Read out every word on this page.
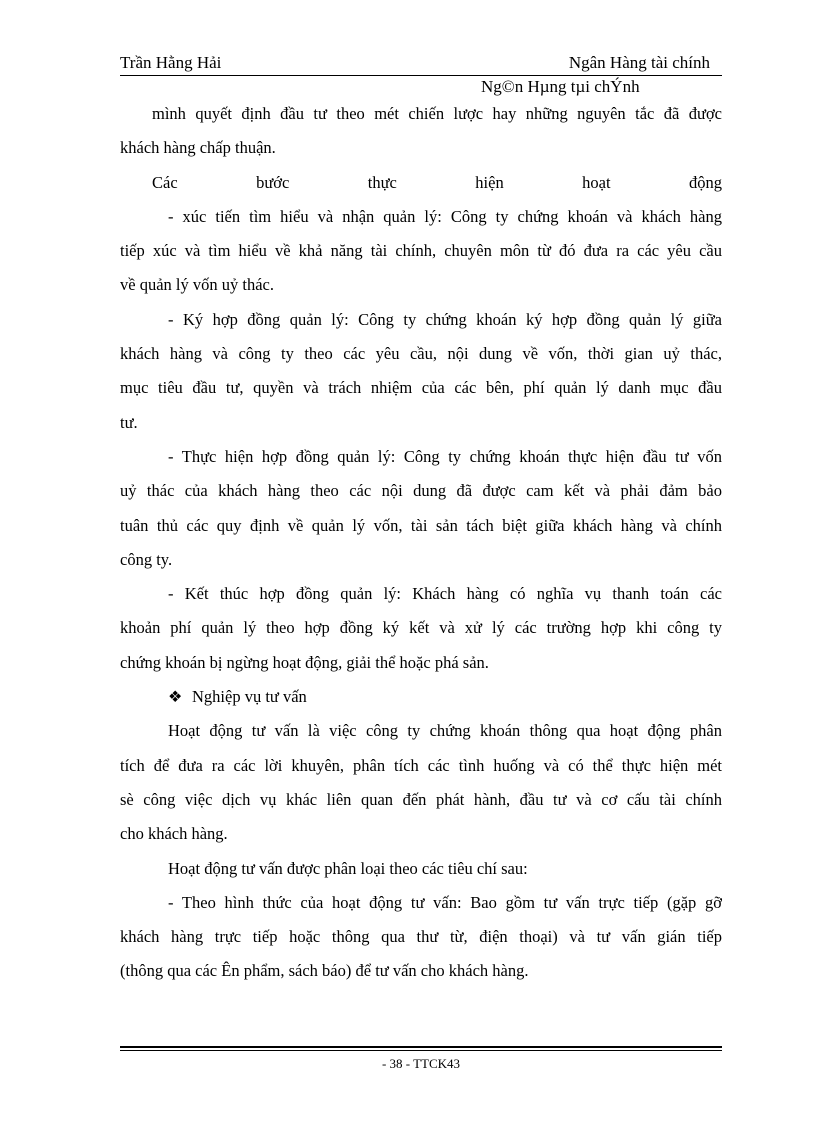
Trần Hằng Hải	Ngân Hàng tài chính
Ng©n Hµng tµi chÝnh
mình quyết định đầu tư theo mét chiến lược hay những nguyên tắc đã được
khách hàng chấp thuận.
Các bước thực hiện hoạt động
- xúc tiến tìm hiểu và nhận quản lý: Công ty chứng khoán và khách hàng
tiếp xúc và tìm hiểu về khả năng tài chính, chuyên môn từ đó đưa ra các yêu cầu
về quản lý vốn uỷ thác.
- Ký hợp đồng quản lý: Công ty chứng khoán ký hợp đồng quản lý giữa
khách hàng và công ty theo các yêu cầu, nội dung về vốn, thời gian uỷ thác,
mục tiêu đầu tư, quyền và trách nhiệm của các bên, phí quản lý danh mục đầu
tư.
- Thực hiện hợp đồng quản lý: Công ty chứng khoán thực hiện đầu tư vốn
uỷ thác của khách hàng theo các nội dung đã được cam kết và phải đảm bảo
tuân thủ các quy định về quản lý vốn, tài sản tách biệt giữa khách hàng và chính
công ty.
- Kết thúc hợp đồng quản lý: Khách hàng có nghĩa vụ thanh toán các
khoản phí quản lý theo hợp đồng ký kết và xử lý các trường hợp khi công ty
chứng khoán bị ngừng hoạt động, giải thể hoặc phá sản.
❖ Nghiệp vụ tư vấn
Hoạt động tư vấn là việc công ty chứng khoán thông qua hoạt động phân
tích để đưa ra các lời khuyên, phân tích các tình huống và có thể thực hiện mét
sè công việc dịch vụ khác liên quan đến phát hành, đầu tư và cơ cấu tài chính
cho khách hàng.
Hoạt động tư vấn được phân loại theo các tiêu chí sau:
- Theo hình thức của hoạt động tư vấn: Bao gồm tư vấn trực tiếp (gặp gỡ
khách hàng trực tiếp hoặc thông qua thư từ, điện thoại) và tư vấn gián tiếp
(thông qua các Ên phẩm, sách báo) để tư vấn cho khách hàng.
- 38 - TTCK43
